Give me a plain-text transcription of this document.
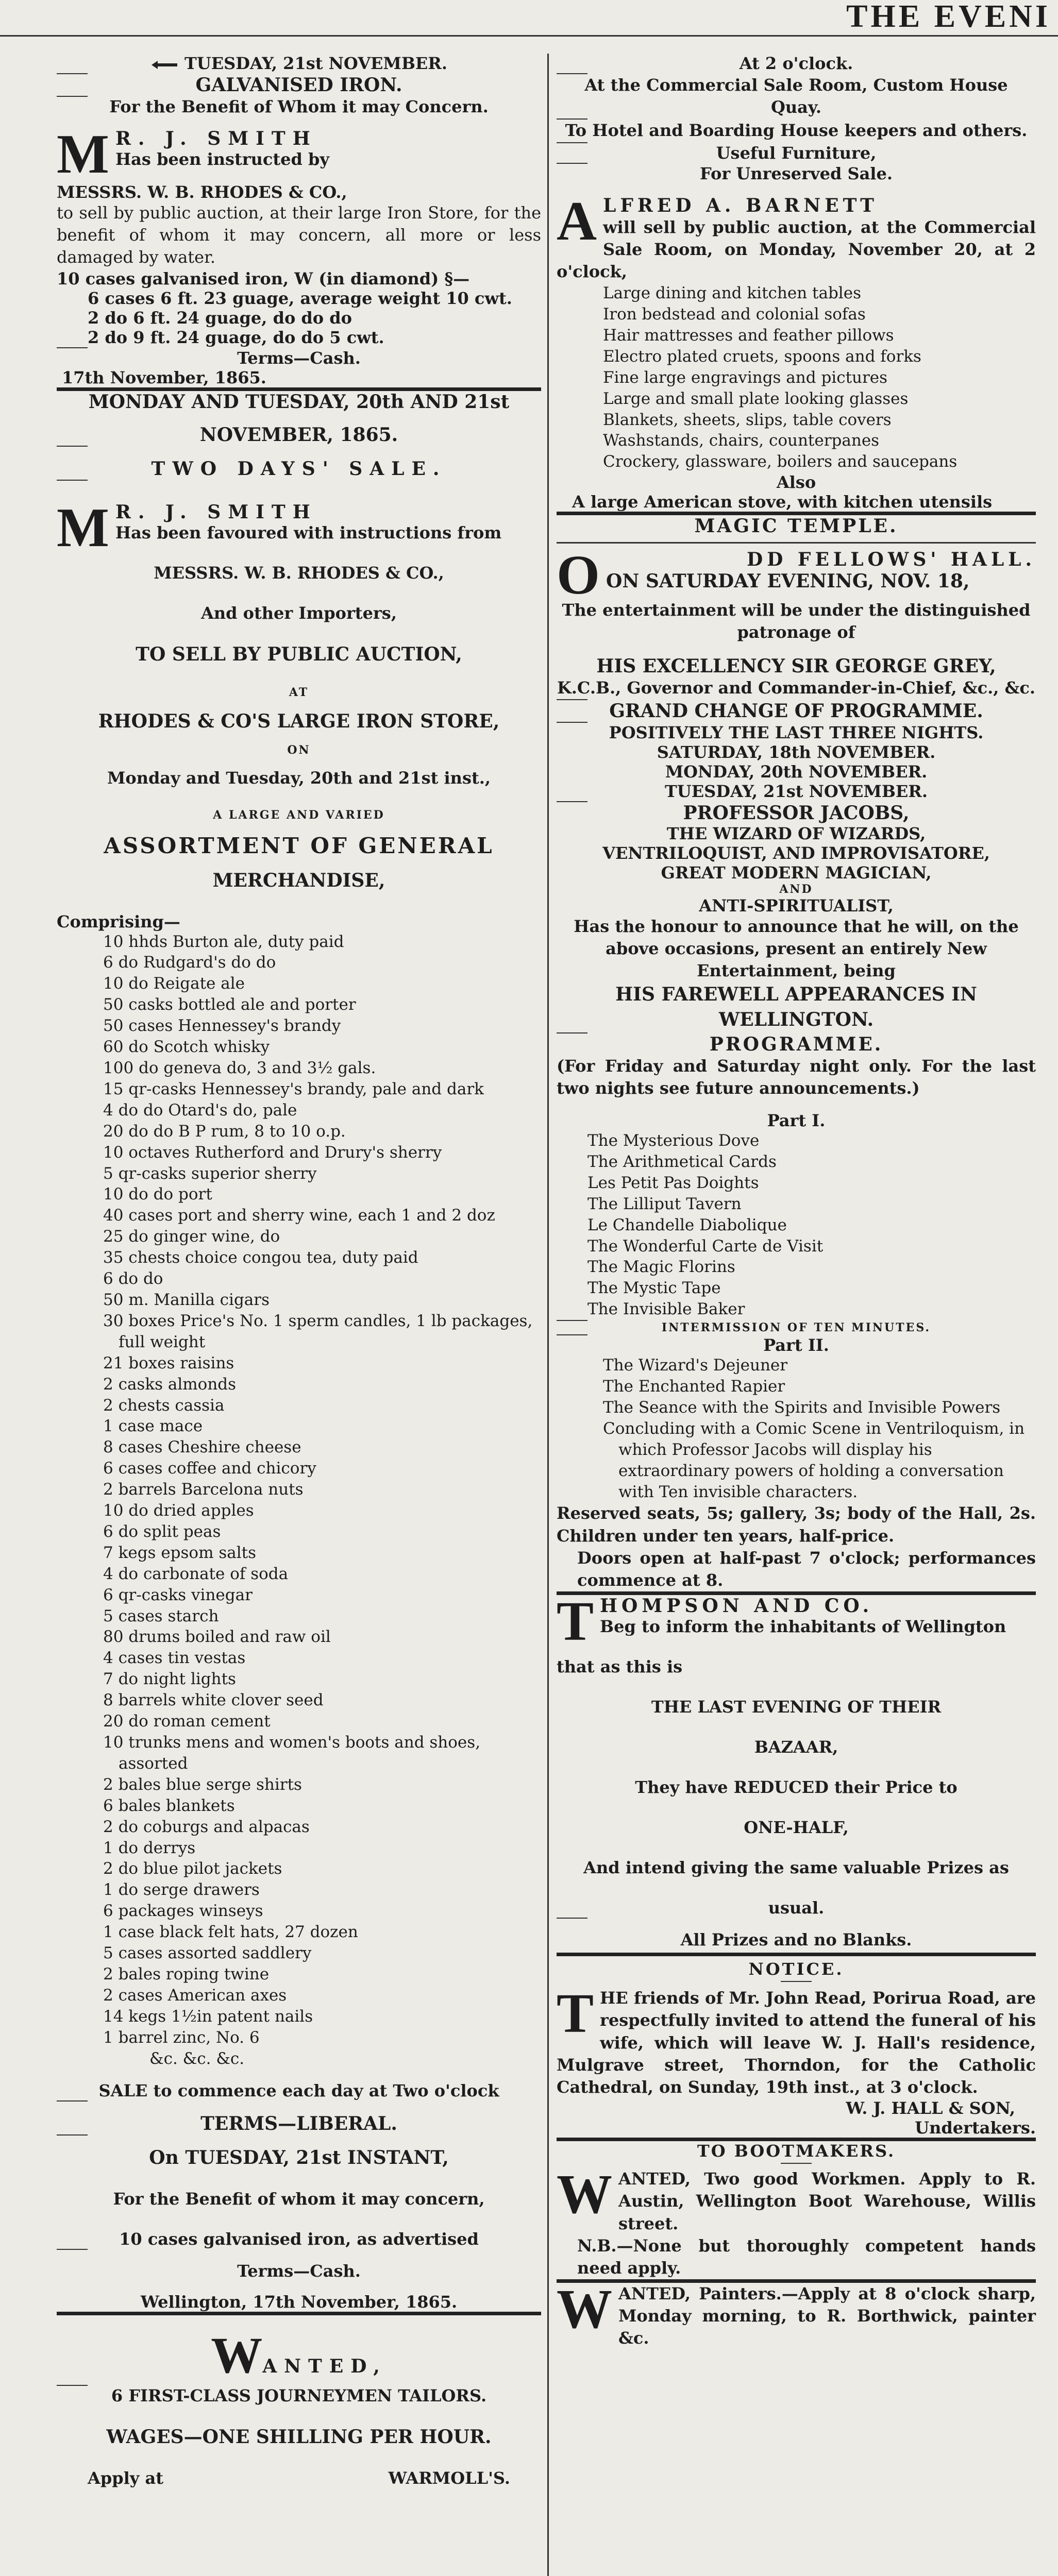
THE EVENI

TUESDAY, 21st NOVEMBER.

GALVANISED IRON.

For the Benefit of Whom it may Concern.

M R. J. SMITH

Has been instructed by

MESSRS. W. B. RHODES & CO.,

to sell by public auction, at their large Iron Store, for the benefit of whom it may concern, all more or less damaged by water.

10 cases galvanised iron, W (in diamond) §—

6 cases 6 ft. 23 guage, average weight 10 cwt.

2 do 6 ft. 24 guage, do do do

2 do 9 ft. 24 guage, do do 5 cwt.

Terms—Cash.

17th November, 1865.

MONDAY AND TUESDAY, 20th AND 21st

NOVEMBER, 1865.

TWO DAYS' SALE.

M R. J. SMITH

Has been favoured with instructions from

MESSRS. W. B. RHODES & CO.,

And other Importers,

TO SELL BY PUBLIC AUCTION,

AT

RHODES & CO'S LARGE IRON STORE,

ON

Monday and Tuesday, 20th and 21st inst.,

A LARGE AND VARIED

ASSORTMENT OF GENERAL

MERCHANDISE,

Comprising—

10 hhds Burton ale, duty paid
6 do Rudgard's do do
10 do Reigate ale
50 casks bottled ale and porter
50 cases Hennessey's brandy
60 do Scotch whisky
100 do geneva do, 3 and 3½ gals.
15 qr-casks Hennessey's brandy, pale and dark
4 do do Otard's do, pale
20 do do B P rum, 8 to 10 o.p.
10 octaves Rutherford and Drury's sherry
5 qr-casks superior sherry
10 do do port
40 cases port and sherry wine, each 1 and 2 doz
25 do ginger wine, do
35 chests choice congou tea, duty paid
6 do do
50 m. Manilla cigars
30 boxes Price's No. 1 sperm candles, 1 lb packages, full weight
21 boxes raisins
2 casks almonds
2 chests cassia
1 case mace
8 cases Cheshire cheese
6 cases coffee and chicory
2 barrels Barcelona nuts
10 do dried apples
6 do split peas
7 kegs epsom salts
4 do carbonate of soda
6 qr-casks vinegar
5 cases starch
80 drums boiled and raw oil
4 cases tin vestas
7 do night lights
8 barrels white clover seed
20 do roman cement
10 trunks mens and women's boots and shoes, assorted
2 bales blue serge shirts
6 bales blankets
2 do coburgs and alpacas
1 do derrys
2 do blue pilot jackets
1 do serge drawers
6 packages winseys
1 case black felt hats, 27 dozen
5 cases assorted saddlery
2 bales roping twine
2 cases American axes
14 kegs 1½in patent nails
1 barrel zinc, No. 6
&c. &c. &c.

SALE to commence each day at Two o'clock

TERMS—LIBERAL.

On TUESDAY, 21st INSTANT,

For the Benefit of whom it may concern,

10 cases galvanised iron, as advertised

Terms—Cash.

Wellington, 17th November, 1865.

WANTED,

6 FIRST-CLASS JOURNEYMEN TAILORS.

WAGES—ONE SHILLING PER HOUR.

Apply at	WARMOLL'S.

At 2 o'clock.

At the Commercial Sale Room, Custom House Quay.

To Hotel and Boarding House keepers and others.

Useful Furniture,

For Unreserved Sale.

A LFRED A. BARNETT

will sell by public auction, at the Commercial Sale Room, on Monday, November 20, at 2 o'clock,

Large dining and kitchen tables
Iron bedstead and colonial sofas
Hair mattresses and feather pillows
Electro plated cruets, spoons and forks
Fine large engravings and pictures
Large and small plate looking glasses
Blankets, sheets, slips, table covers
Washstands, chairs, counterpanes
Crockery, glassware, boilers and saucepans

Also

A large American stove, with kitchen utensils

MAGIC TEMPLE.

O	DD FELLOWS' HALL.

ON SATURDAY EVENING, NOV. 18,

The entertainment will be under the distinguished patronage of

HIS EXCELLENCY SIR GEORGE GREY,

K.C.B., Governor and Commander-in-Chief, &c., &c.

GRAND CHANGE OF PROGRAMME.

POSITIVELY THE LAST THREE NIGHTS.

SATURDAY, 18th NOVEMBER.

MONDAY, 20th NOVEMBER.

TUESDAY, 21st NOVEMBER.

PROFESSOR JACOBS,

THE WIZARD OF WIZARDS,

VENTRILOQUIST, AND IMPROVISATORE,

GREAT MODERN MAGICIAN,

AND

ANTI-SPIRITUALIST,

Has the honour to announce that he will, on the above occasions, present an entirely New Entertainment, being

HIS FAREWELL APPEARANCES IN WELLINGTON.

PROGRAMME.

(For Friday and Saturday night only. For the last two nights see future announcements.)

Part I.

The Mysterious Dove
The Arithmetical Cards
Les Petit Pas Doights
The Lilliput Tavern
Le Chandelle Diabolique
The Wonderful Carte de Visit
The Magic Florins
The Mystic Tape
The Invisible Baker

INTERMISSION OF TEN MINUTES.

Part II.

The Wizard's Dejeuner
The Enchanted Rapier
The Seance with the Spirits and Invisible Powers
Concluding with a Comic Scene in Ventriloquism, in which Professor Jacobs will display his extraordinary powers of holding a conversation with Ten invisible characters.

Reserved seats, 5s; gallery, 3s; body of the Hall, 2s. Children under ten years, half-price.

Doors open at half-past 7 o'clock; performances commence at 8.

T HOMPSON AND CO.

Beg to inform the inhabitants of Wellington

that as this is

THE LAST EVENING OF THEIR

BAZAAR,

They have REDUCED their Price to

ONE-HALF,

And intend giving the same valuable Prizes as

usual.

All Prizes and no Blanks.

NOTICE.

T HE friends of Mr. John Read, Porirua Road, are respectfully invited to attend the funeral of his wife, which will leave W. J. Hall's residence, Mulgrave street, Thorndon, for the Catholic Cathedral, on Sunday, 19th inst., at 3 o'clock.

W. J. HALL & SON,

Undertakers.

TO BOOTMAKERS.

W ANTED, Two good Workmen. Apply to R. Austin, Wellington Boot Warehouse, Willis street.

N.B.—None but thoroughly competent hands need apply.

W ANTED, Painters.—Apply at 8 o'clock sharp, Monday morning, to R. Borthwick, painter &c.
